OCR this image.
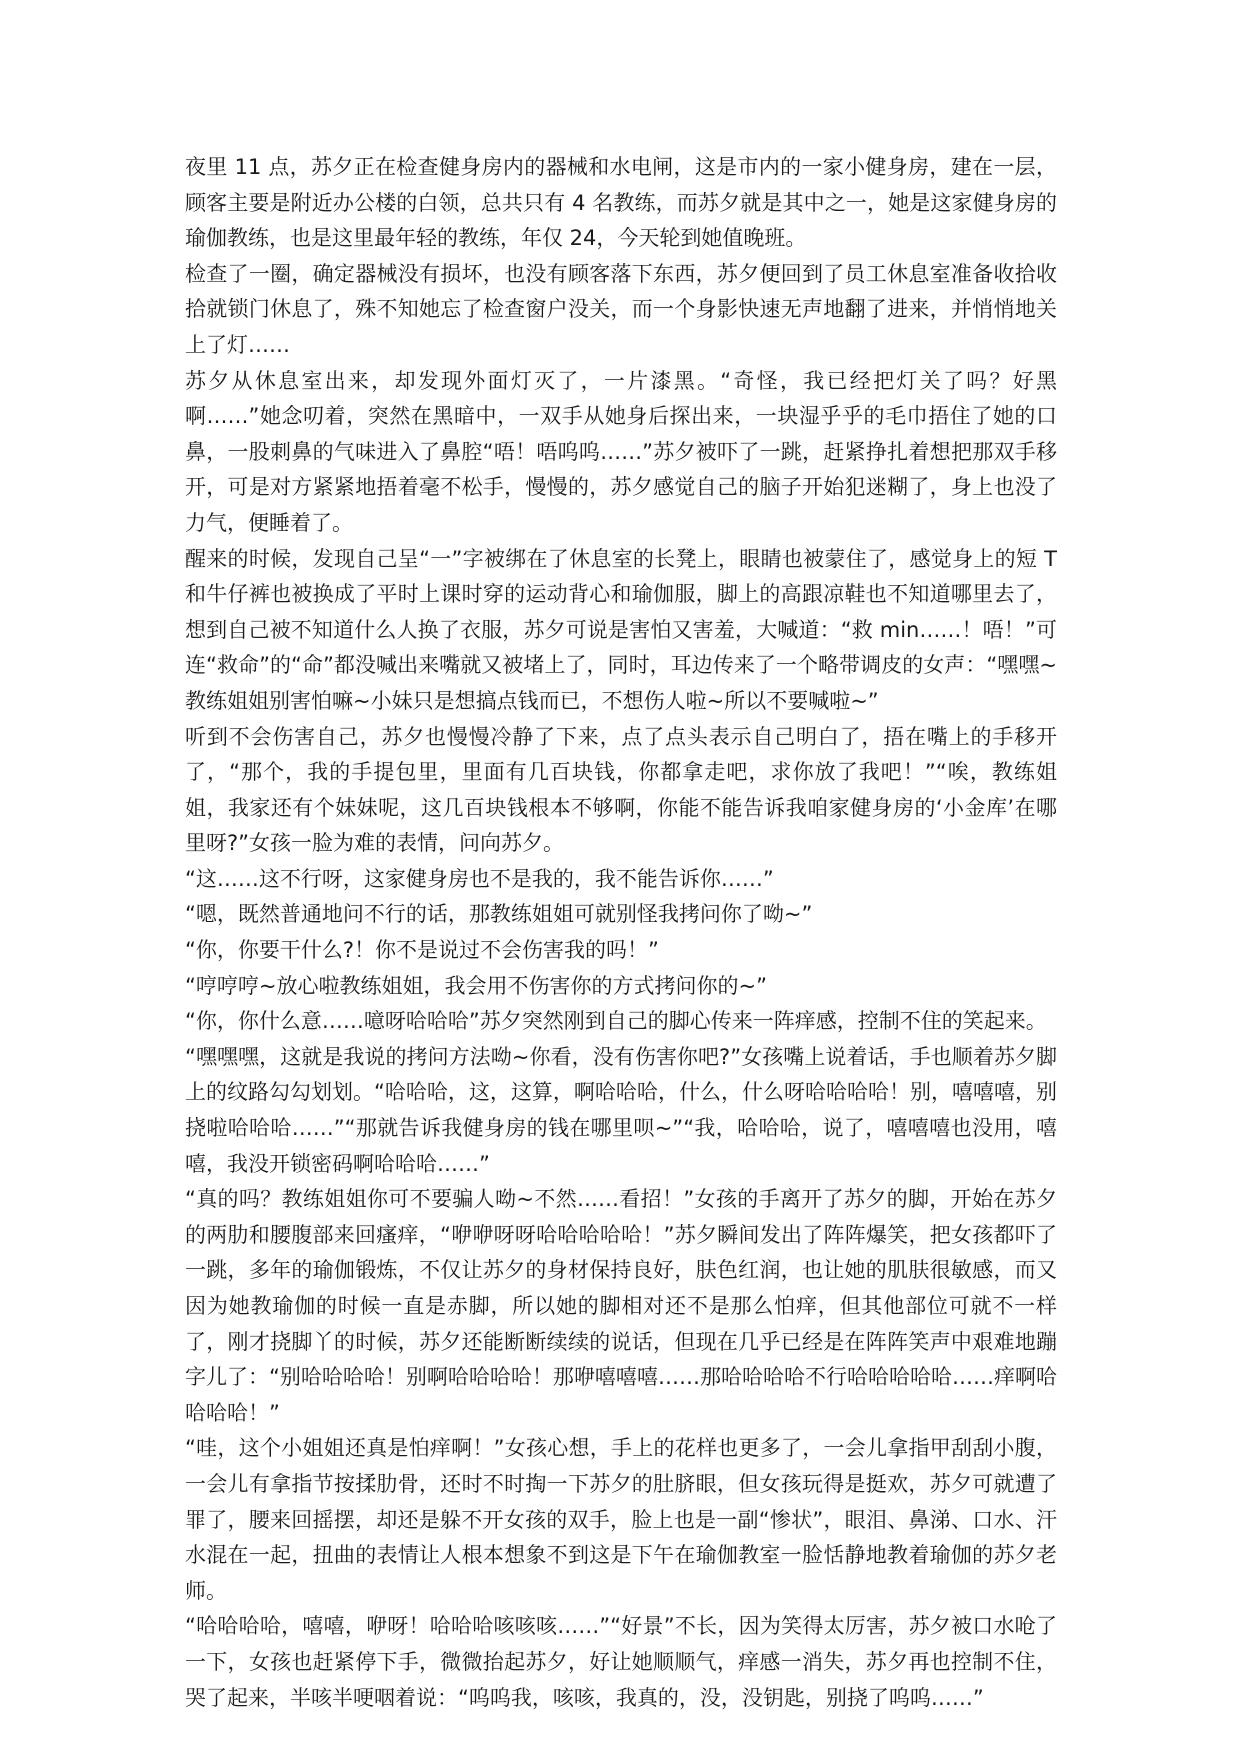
夜里 11 点，苏夕正在检查健身房内的器械和水电闸，这是市内的一家小健身房，建在一层，顾客主要是附近办公楼的白领，总共只有 4 名教练，而苏夕就是其中之一，她是这家健身房的瑜伽教练，也是这里最年轻的教练，年仅 24，今天轮到她值晚班。

检查了一圈，确定器械没有损坏，也没有顾客落下东西，苏夕便回到了员工休息室准备收拾收拾就锁门休息了，殊不知她忘了检查窗户没关，而一个身影快速无声地翻了进来，并悄悄地关上了灯……

苏夕从休息室出来，却发现外面灯灭了，一片漆黑。“奇怪，我已经把灯关了吗？好黑啊……”她念叨着，突然在黑暗中，一双手从她身后探出来，一块湿乎乎的毛巾捂住了她的口鼻，一股刺鼻的气味进入了鼻腔“唔！唔呜呜……”苏夕被吓了一跳，赶紧挣扎着想把那双手移开，可是对方紧紧地捂着毫不松手，慢慢的，苏夕感觉自己的脑子开始犯迷糊了，身上也没了力气，便睡着了。

醒来的时候，发现自己呈“一”字被绑在了休息室的长凳上，眼睛也被蒙住了，感觉身上的短 T 和牛仔裤也被换成了平时上课时穿的运动背心和瑜伽服，脚上的高跟凉鞋也不知道哪里去了，想到自己被不知道什么人换了衣服，苏夕可说是害怕又害羞，大喊道：“救 min……！唔！”可连“救命”的“命”都没喊出来嘴就又被堵上了，同时，耳边传来了一个略带调皮的女声：“嘿嘿~教练姐姐别害怕嘛~小妹只是想搞点钱而已，不想伤人啦~所以不要喊啦~”

听到不会伤害自己，苏夕也慢慢冷静了下来，点了点头表示自己明白了，捂在嘴上的手移开了，“那个，我的手提包里，里面有几百块钱，你都拿走吧，求你放了我吧！”“唉，教练姐姐，我家还有个妹妹呢，这几百块钱根本不够啊，你能不能告诉我咱家健身房的‘小金库’在哪里呀?”女孩一脸为难的表情，问向苏夕。

“这……这不行呀，这家健身房也不是我的，我不能告诉你……”

“嗯，既然普通地问不行的话，那教练姐姐可就别怪我拷问你了呦~”

“你，你要干什么?！你不是说过不会伤害我的吗！”

“哼哼哼~放心啦教练姐姐，我会用不伤害你的方式拷问你的~”

“你，你什么意……噫呀哈哈哈”苏夕突然刚到自己的脚心传来一阵痒感，控制不住的笑起来。

“嘿嘿嘿，这就是我说的拷问方法呦~你看，没有伤害你吧?”女孩嘴上说着话，手也顺着苏夕脚上的纹路勾勾划划。“哈哈哈，这，这算，啊哈哈哈，什么，什么呀哈哈哈哈！别，嘻嘻嘻，别挠啦哈哈哈……”“那就告诉我健身房的钱在哪里呗~”“我，哈哈哈，说了，嘻嘻嘻也没用，嘻嘻，我没开锁密码啊哈哈哈……”

“真的吗？教练姐姐你可不要骗人呦~不然……看招！”女孩的手离开了苏夕的脚，开始在苏夕的两肋和腰腹部来回瘙痒，“咿咿呀呀哈哈哈哈哈！”苏夕瞬间发出了阵阵爆笑，把女孩都吓了一跳，多年的瑜伽锻炼，不仅让苏夕的身材保持良好，肤色红润，也让她的肌肤很敏感，而又因为她教瑜伽的时候一直是赤脚，所以她的脚相对还不是那么怕痒，但其他部位可就不一样了，刚才挠脚丫的时候，苏夕还能断断续续的说话，但现在几乎已经是在阵阵笑声中艰难地蹦字儿了：“别哈哈哈哈！别啊哈哈哈哈！那咿嘻嘻嘻……那哈哈哈哈不行哈哈哈哈哈……痒啊哈哈哈哈！”

“哇，这个小姐姐还真是怕痒啊！”女孩心想，手上的花样也更多了，一会儿拿指甲刮刮小腹，一会儿有拿指节按揉肋骨，还时不时掏一下苏夕的肚脐眼，但女孩玩得是挺欢，苏夕可就遭了罪了，腰来回摇摆，却还是躲不开女孩的双手，脸上也是一副“惨状”，眼泪、鼻涕、口水、汗水混在一起，扭曲的表情让人根本想象不到这是下午在瑜伽教室一脸恬静地教着瑜伽的苏夕老师。

“哈哈哈哈，嘻嘻，咿呀！哈哈哈咳咳咳……”“好景”不长，因为笑得太厉害，苏夕被口水呛了一下，女孩也赶紧停下手，微微抬起苏夕，好让她顺顺气，痒感一消失，苏夕再也控制不住，哭了起来，半咳半哽咽着说：“呜呜我，咳咳，我真的，没，没钥匙，别挠了呜呜……”
